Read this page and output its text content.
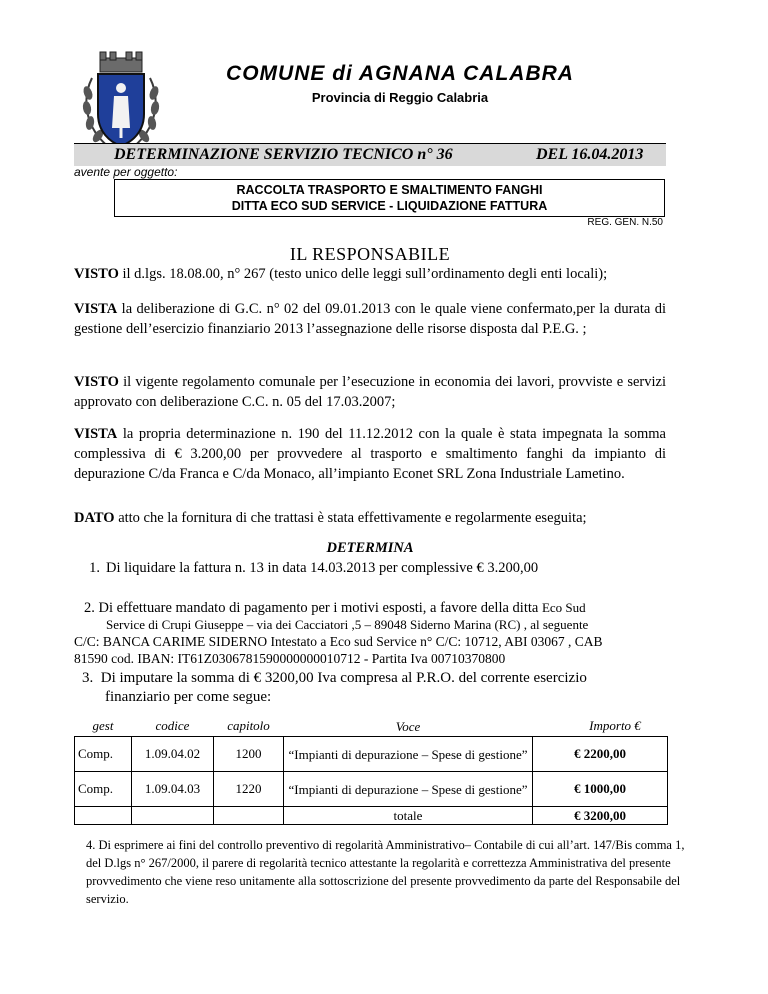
COMUNE di AGNANA CALABRA
Provincia di Reggio Calabria
DETERMINAZIONE SERVIZIO TECNICO n° 36	DEL 16.04.2013
avente per oggetto:
RACCOLTA TRASPORTO E SMALTIMENTO FANGHI
DITTA ECO SUD SERVICE - LIQUIDAZIONE FATTURA
REG. GEN. N.50
IL RESPONSABILE
VISTO il d.lgs. 18.08.00, n° 267 (testo unico delle leggi sull’ordinamento degli enti locali);
VISTA la deliberazione di G.C. n° 02 del 09.01.2013 con le quale viene confermato,per la durata di gestione dell’esercizio finanziario 2013 l’assegnazione delle risorse disposta dal P.E.G. ;
VISTO il vigente regolamento comunale per l’esecuzione in economia dei lavori, provviste e servizi approvato con deliberazione C.C. n. 05 del 17.03.2007;
VISTA la propria determinazione n. 190 del 11.12.2012 con la quale è stata impegnata la somma complessiva di € 3.200,00 per provvedere al trasporto e smaltimento fanghi da impianto di depurazione C/da Franca e C/da Monaco, all’impianto Econet SRL Zona Industriale Lametino.
DATO atto che la fornitura di che trattasi è stata effettivamente e regolarmente eseguita;
DETERMINA
1. Di liquidare la fattura n. 13 in data 14.03.2013 per complessive € 3.200,00
2. Di effettuare mandato di pagamento per i motivi esposti, a favore della ditta Eco Sud
Service di Crupi Giuseppe – via dei Cacciatori ,5 – 89048 Siderno Marina (RC) , al seguente
C/C: BANCA CARIME SIDERNO Intestato a Eco sud Service n° C/C: 10712, ABI 03067 , CAB
81590 cod. IBAN: IT61Z0306781590000000010712 - Partita Iva 00710370800
3. Di imputare la somma di € 3200,00 Iva compresa al P.R.O. del corrente esercizio
finanziario per come segue:
gest	codice	capitolo	Voce	Importo €
Comp.	1.09.04.02	1200	“Impianti di depurazione – Spese di gestione”	€ 2200,00
Comp.	1.09.04.03	1220	“Impianti di depurazione – Spese di gestione”	€ 1000,00
			totale	€ 3200,00
4. Di esprimere ai fini del controllo preventivo di regolarità Amministrativo– Contabile di cui all’art. 147/Bis comma 1, del D.lgs n° 267/2000, il parere di regolarità tecnico attestante la regolarità e correttezza Amministrativa del presente provvedimento che viene reso unitamente alla sottoscrizione del presente provvedimento da parte del Responsabile del servizio.
